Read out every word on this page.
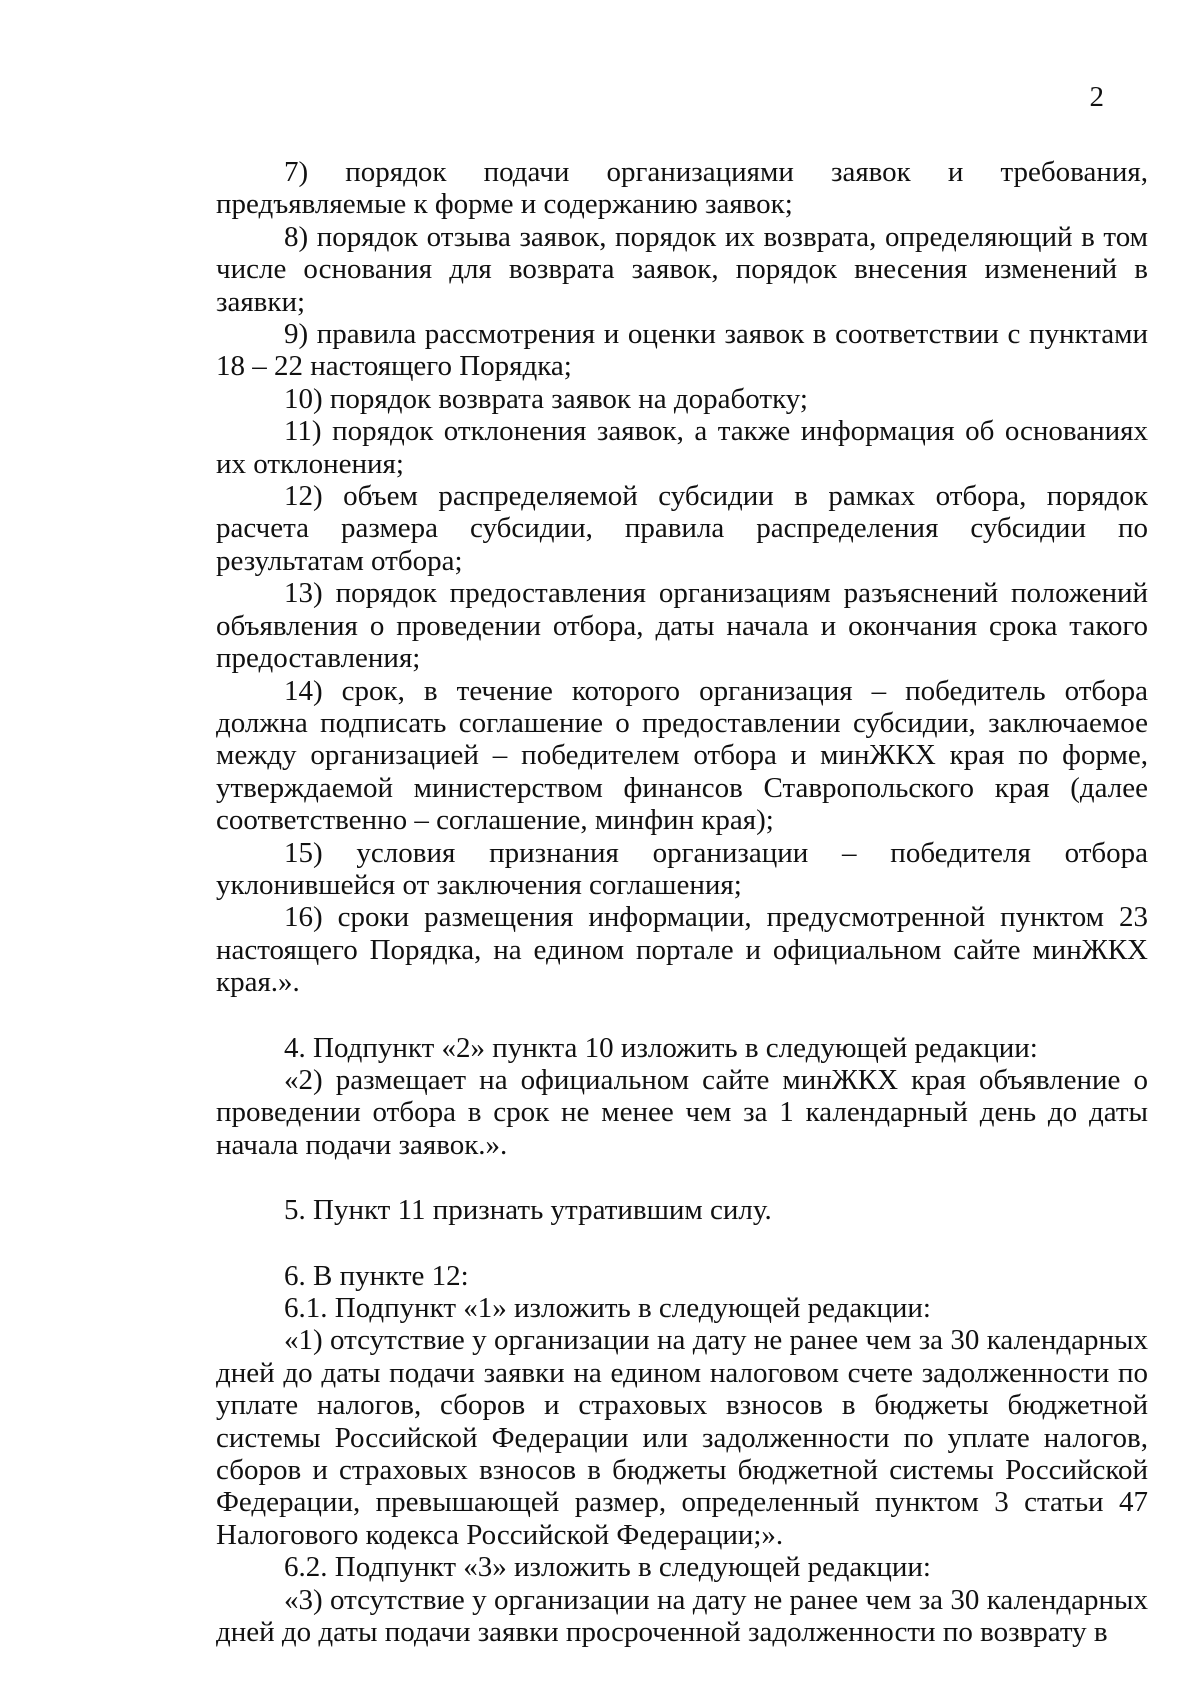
2

7) порядок подачи организациями заявок и требования, предъявляемые к форме и содержанию заявок;

8) порядок отзыва заявок, порядок их возврата, определяющий в том числе основания для возврата заявок, порядок внесения изменений в заявки;

9) правила рассмотрения и оценки заявок в соответствии с пунктами 18 – 22 настоящего Порядка;

10) порядок возврата заявок на доработку;

11) порядок отклонения заявок, а также информация об основаниях их отклонения;

12) объем распределяемой субсидии в рамках отбора, порядок расчета размера субсидии, правила распределения субсидии по результатам отбора;

13) порядок предоставления организациям разъяснений положений объявления о проведении отбора, даты начала и окончания срока такого предоставления;

14) срок, в течение которого организация – победитель отбора должна подписать соглашение о предоставлении субсидии, заключаемое между организацией – победителем отбора и минЖКХ края по форме, утверждаемой министерством финансов Ставропольского края (далее соответственно – соглашение, минфин края);

15) условия признания организации – победителя отбора уклонившейся от заключения соглашения;

16) сроки размещения информации, предусмотренной пунктом 23 настоящего Порядка, на едином портале и официальном сайте минЖКХ края.».

4. Подпункт «2» пункта 10 изложить в следующей редакции:

«2) размещает на официальном сайте минЖКХ края объявление о проведении отбора в срок не менее чем за 1 календарный день до даты начала подачи заявок.».

5. Пункт 11 признать утратившим силу.

6. В пункте 12:

6.1. Подпункт «1» изложить в следующей редакции:

«1) отсутствие у организации на дату не ранее чем за 30 календарных дней до даты подачи заявки на едином налоговом счете задолженности по уплате налогов, сборов и страховых взносов в бюджеты бюджетной системы Российской Федерации или задолженности по уплате налогов, сборов и страховых взносов в бюджеты бюджетной системы Российской Федерации, превышающей размер, определенный пунктом 3 статьи 47 Налогового кодекса Российской Федерации;».

6.2. Подпункт «3» изложить в следующей редакции:

«3) отсутствие у организации на дату не ранее чем за 30 календарных дней до даты подачи заявки просроченной задолженности по возврату в
